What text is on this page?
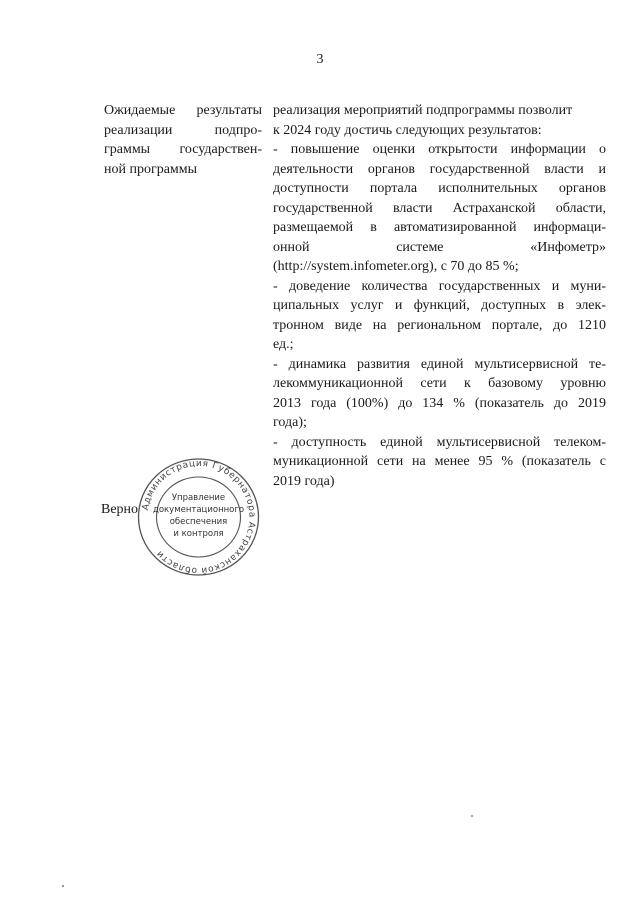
3
Ожидаемые результаты
реализации подпро-
граммы государствен-
ной программы
реализация мероприятий подпрограммы позволит
к 2024 году достичь следующих результатов:
- повышение оценки открытости информации о
деятельности органов государственной власти и
доступности портала исполнительных органов
государственной власти Астраханской области,
размещаемой в автоматизированной информаци-
онной системе «Инфометр»
(http://system.infometer.org), с 70 до 85 %;
- доведение количества государственных и муни-
ципальных услуг и функций, доступных в элек-
тронном виде на региональном портале, до 1210
ед.;
- динамика развития единой мультисервисной те-
лекоммуникационной сети к базовому уровню
2013 года (100%) до 134 % (показатель до 2019
года);
- доступность единой мультисервисной телеком-
муникационной сети на менее 95 % (показатель с
2019 года)
Верно Администрация Губернатора Астраханской области
Управление
документационного
обеспечения
и контроля
